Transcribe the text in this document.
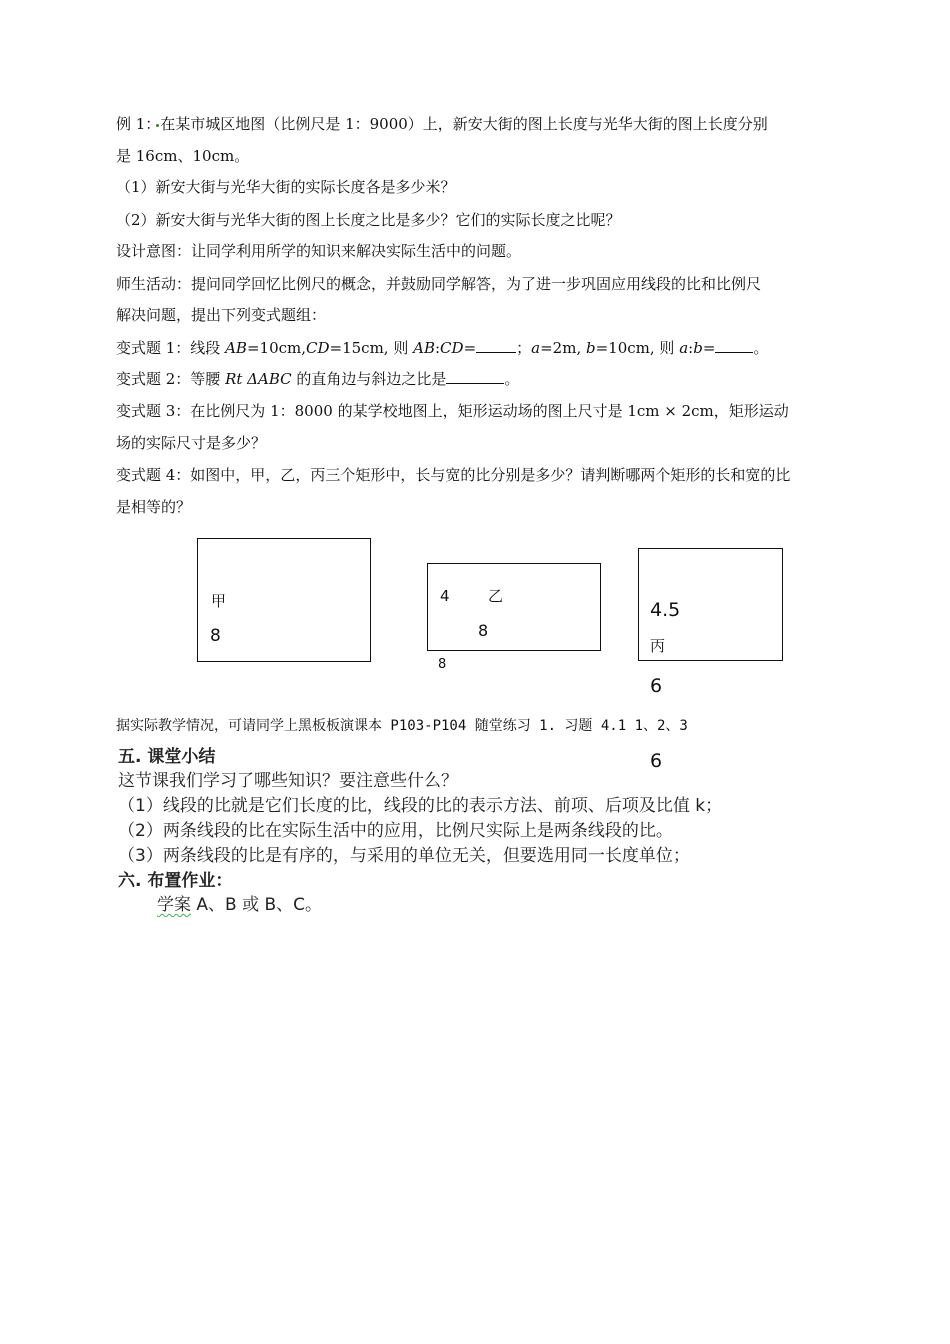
例 1：在某市城区地图（比例尺是 1：9000）上，新安大街的图上长度与光华大街的图上长度分别
是 16cm、10cm。
（1）新安大街与光华大街的实际长度各是多少米？
（2）新安大街与光华大街的图上长度之比是多少？它们的实际长度之比呢？
设计意图：让同学利用所学的知识来解决实际生活中的问题。
师生活动：提问同学回忆比例尺的概念，并鼓励同学解答，为了进一步巩固应用线段的比和比例尺
解决问题，提出下列变式题组：
变式题 1：线段 AB=10cm,CD=15cm, 则 AB:CD=	；a=2m, b=10cm, 则 a:b=	。
变式题 2：等腰 Rt ΔABC 的直角边与斜边之比是	。
变式题 3：在比例尺为 1：8000 的某学校地图上，矩形运动场的图上尺寸是 1cm × 2cm，矩形运动
场的实际尺寸是多少？
变式题 4：如图中，甲，乙，丙三个矩形中，长与宽的比分别是多少？请判断哪两个矩形的长和宽的比
是相等的？
甲
8
4	乙
8
8
4.5
丙
6
6
据实际教学情况，可请同学上黑板板演课本 P103-P104 随堂练习 1. 习题 4.1 1、2、3
五. 课堂小结
这节课我们学习了哪些知识？要注意些什么？
（1）线段的比就是它们长度的比，线段的比的表示方法、前项、后项及比值 k；
（2）两条线段的比在实际生活中的应用，比例尺实际上是两条线段的比。
（3）两条线段的比是有序的，与采用的单位无关，但要选用同一长度单位；
六. 布置作业：
学案 A、B 或 B、C。
